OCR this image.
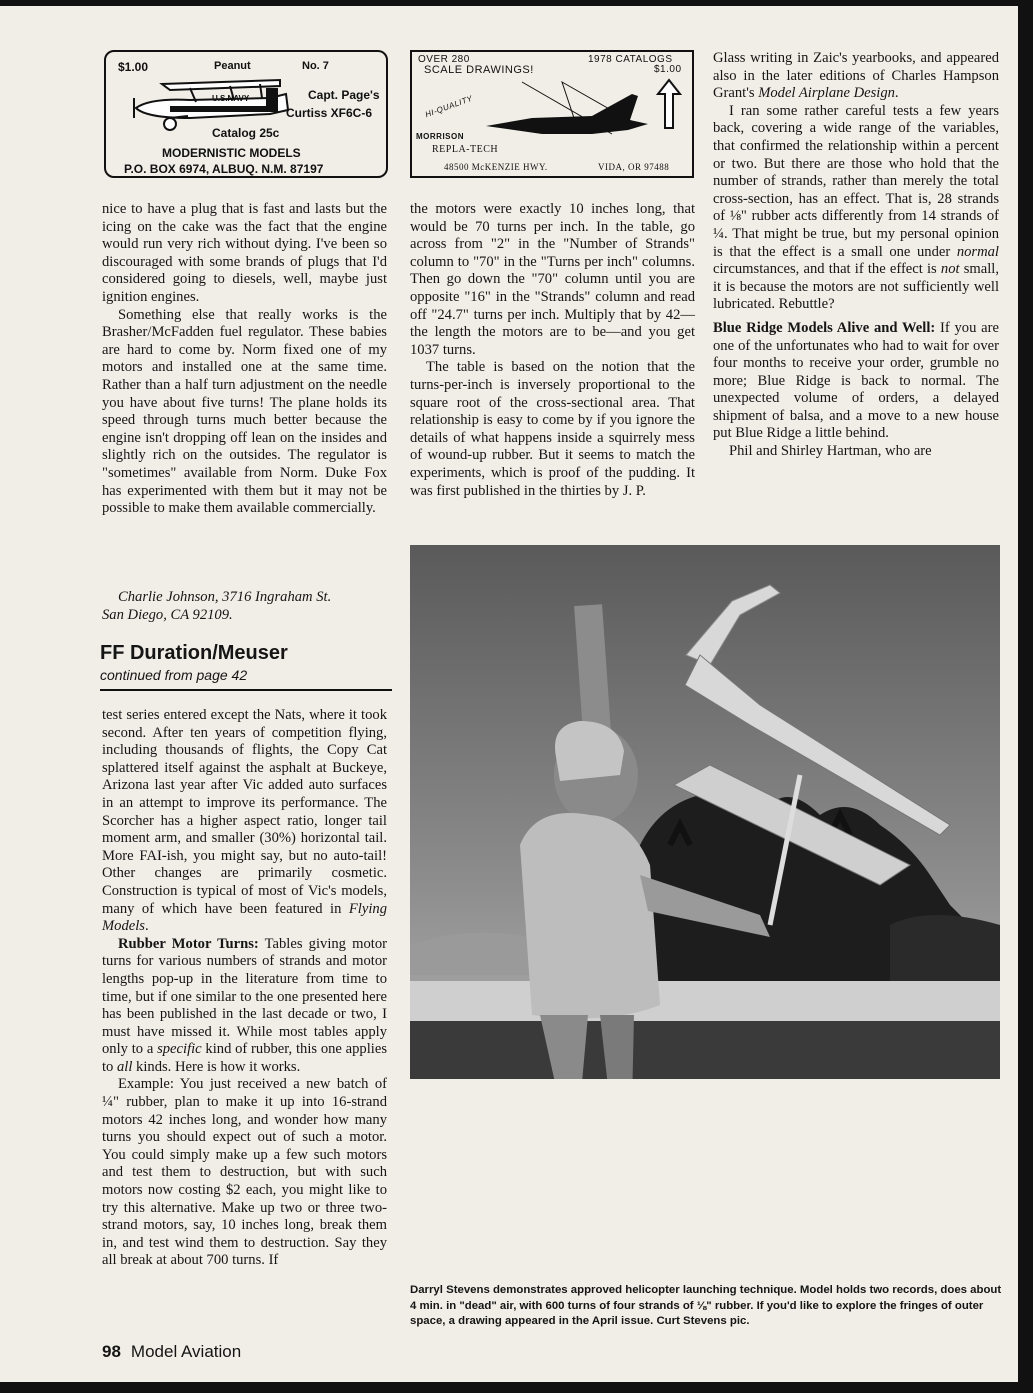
$1.00	Peanut	No. 7
U.S.NAVY	Capt. Page's
Curtiss XF6C-6
Catalog 25c
MODERNISTIC MODELS
P.O. BOX 6974, ALBUQ. N.M. 87197
OVER 280
SCALE DRAWINGS!
1978 CATALOGS
$1.00
HI-QUALITY
MORRISON
REPLA-TECH
48500 McKENZIE HWY.	VIDA, OR 97488

nice to have a plug that is fast and lasts but the icing on the cake was the fact that the engine would run very rich without dying. I've been so discouraged with some brands of plugs that I'd considered going to diesels, well, maybe just ignition engines.

Something else that really works is the Brasher/McFadden fuel regulator. These babies are hard to come by. Norm fixed one of my motors and installed one at the same time. Rather than a half turn adjustment on the needle you have about five turns! The plane holds its speed through turns much better because the engine isn't dropping off lean on the insides and slightly rich on the outsides. The regulator is "sometimes" available from Norm. Duke Fox has experimented with them but it may not be possible to make them available commercially.

Charlie Johnson, 3716 Ingraham St.
San Diego, CA 92109.
FF Duration/Meuser
continued from page 42

test series entered except the Nats, where it took second. After ten years of competition flying, including thousands of flights, the Copy Cat splattered itself against the asphalt at Buckeye, Arizona last year after Vic added auto surfaces in an attempt to improve its performance. The Scorcher has a higher aspect ratio, longer tail moment arm, and smaller (30%) horizontal tail. More FAI-ish, you might say, but no auto-tail! Other changes are primarily cosmetic. Construction is typical of most of Vic's models, many of which have been featured in Flying Models.

Rubber Motor Turns: Tables giving motor turns for various numbers of strands and motor lengths pop-up in the literature from time to time, but if one similar to the one presented here has been published in the last decade or two, I must have missed it. While most tables apply only to a specific kind of rubber, this one applies to all kinds. Here is how it works.

Example: You just received a new batch of ¼" rubber, plan to make it up into 16-strand motors 42 inches long, and wonder how many turns you should expect out of such a motor. You could simply make up a few such motors and test them to destruction, but with such motors now costing $2 each, you might like to try this alternative. Make up two or three two-strand motors, say, 10 inches long, break them in, and test wind them to destruction. Say they all break at about 700 turns. If

the motors were exactly 10 inches long, that would be 70 turns per inch. In the table, go across from "2" in the "Number of Strands" column to "70" in the "Turns per inch" columns. Then go down the "70" column until you are opposite "16" in the "Strands" column and read off "24.7" turns per inch. Multiply that by 42—the length the motors are to be—and you get 1037 turns.

The table is based on the notion that the turns-per-inch is inversely proportional to the square root of the cross-sectional area. That relationship is easy to come by if you ignore the details of what happens inside a squirrely mess of wound-up rubber. But it seems to match the experiments, which is proof of the pudding. It was first published in the thirties by J. P.

Glass writing in Zaic's yearbooks, and appeared also in the later editions of Charles Hampson Grant's Model Airplane Design.

I ran some rather careful tests a few years back, covering a wide range of the variables, that confirmed the relationship within a percent or two. But there are those who hold that the number of strands, rather than merely the total cross-section, has an effect. That is, 28 strands of ⅛" rubber acts differently from 14 strands of ¼. That might be true, but my personal opinion is that the effect is a small one under normal circumstances, and that if the effect is not small, it is because the motors are not sufficiently well lubricated. Rebuttle?

Blue Ridge Models Alive and Well: If you are one of the unfortunates who had to wait for over four months to receive your order, grumble no more; Blue Ridge is back to normal. The unexpected volume of orders, a delayed shipment of balsa, and a move to a new house put Blue Ridge a little behind.

Phil and Shirley Hartman, who are

Darryl Stevens demonstrates approved helicopter launching technique. Model holds two records, does about 4 min. in "dead" air, with 600 turns of four strands of ⅛" rubber. If you'd like to explore the fringes of outer space, a drawing appeared in the April issue. Curt Stevens pic.
98 Model Aviation
